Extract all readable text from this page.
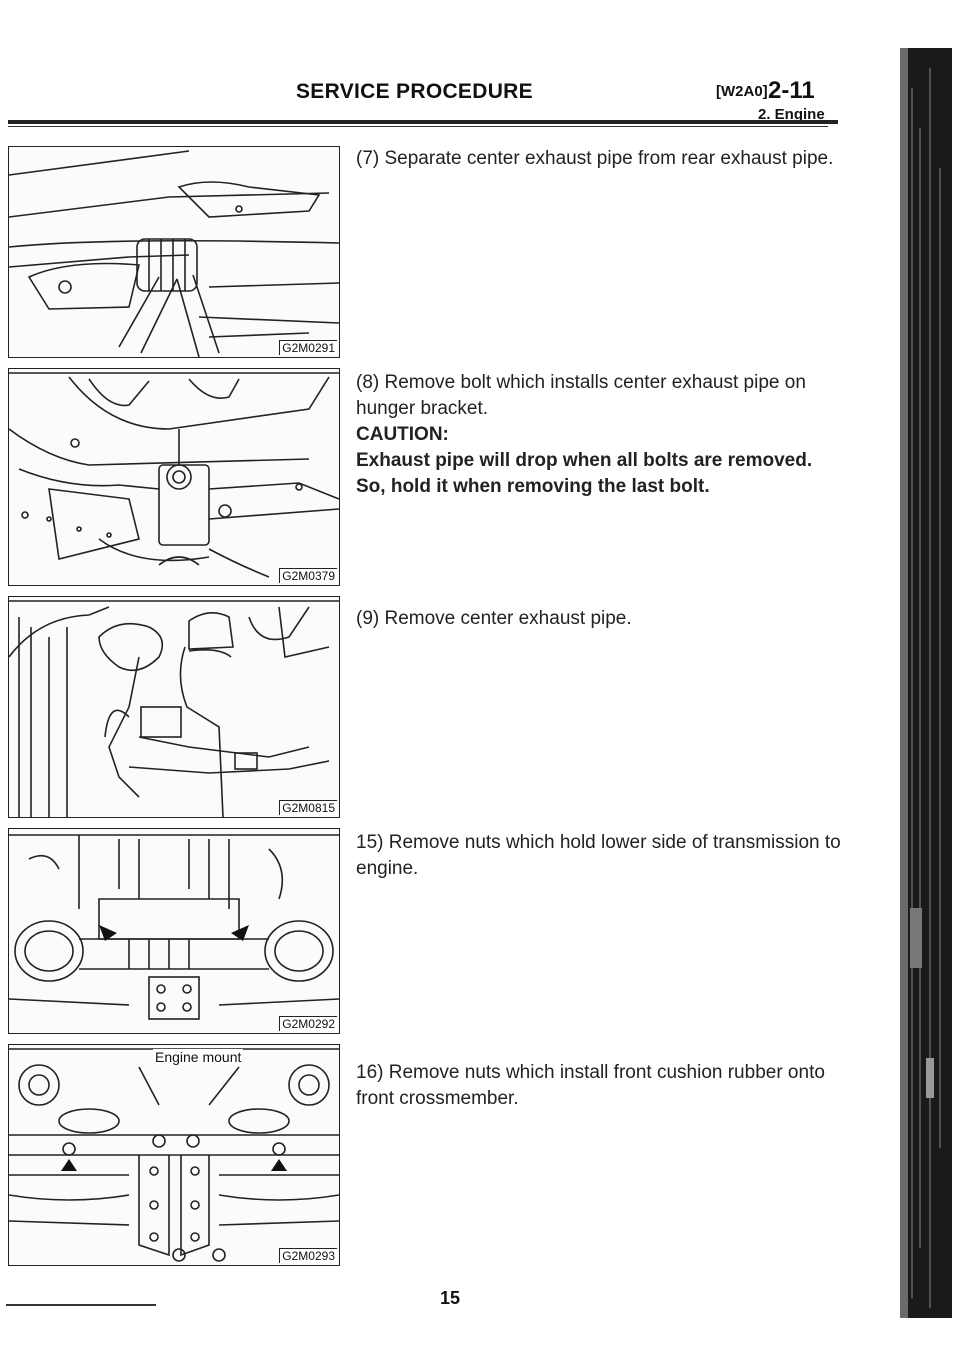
SERVICE PROCEDURE	[W2A0] 2-11
2. Engine
G2M0291
G2M0379
G2M0815
G2M0292
Engine mount
G2M0293
(7) Separate center exhaust pipe from rear exhaust pipe.
(8) Remove bolt which installs center exhaust pipe on hunger bracket.
CAUTION:
Exhaust pipe will drop when all bolts are removed. So, hold it when removing the last bolt.
(9) Remove center exhaust pipe.
15) Remove nuts which hold lower side of transmission to engine.
16) Remove nuts which install front cushion rubber onto front crossmember.
15
